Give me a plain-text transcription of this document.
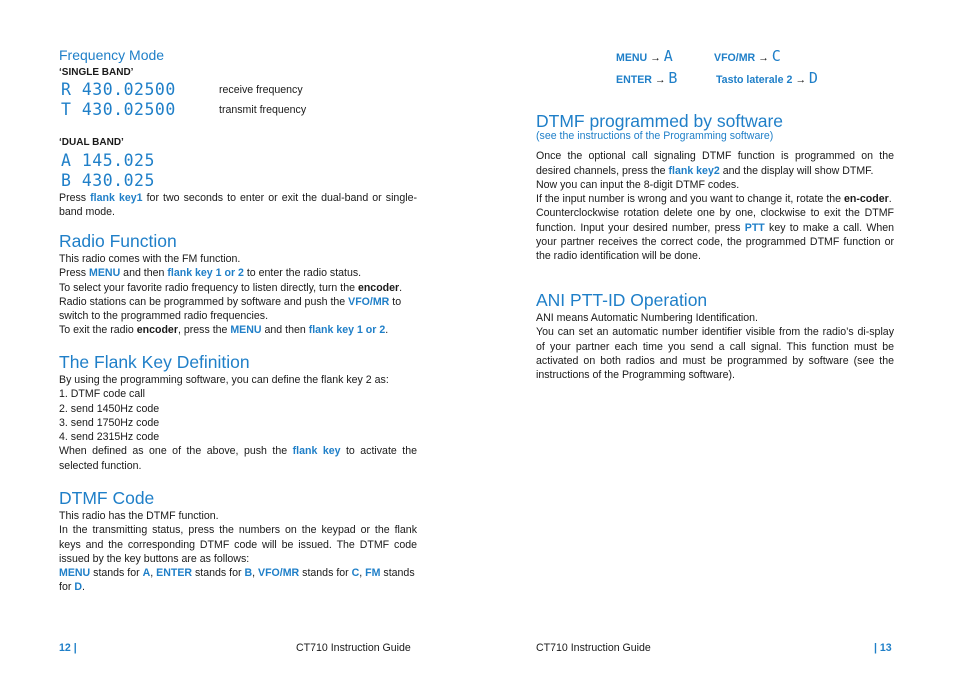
Frequency Mode
‘SINGLE BAND’
R 430.02500	receive frequency
T 430.02500	transmit frequency
‘DUAL BAND’
A 145.025
B 430.025

Press flank key1 for two seconds to enter or exit the dual-band or single-band mode.

Radio Function

This radio comes with the FM function.

Press MENU and then flank key 1 or 2 to enter the radio status.

To select your favorite radio frequency to listen directly, turn the encoder. Radio stations can be programmed by software and push the VFO/MR to switch to the programmed radio frequencies.

To exit the radio encoder, press the MENU and then flank key 1 or 2.

The Flank Key Definition

By using the programming software, you can define the flank key 2 as:

1. DTMF code call
2. send 1450Hz code
3. send 1750Hz code
4. send 2315Hz code

When defined as one of the above, push the flank key to activate the selected function.

DTMF Code

This radio has the DTMF function.

In the transmitting status, press the numbers on the keypad or the flank keys and the corresponding DTMF code will be issued. The DTMF code issued by the key buttons are as follows:

MENU stands for A, ENTER stands for B, VFO/MR stands for C, FM stands for D.

12 |	CT710 Instruction Guide
MENU → A	VFO/MR → C
ENTER → B	Tasto laterale 2 → D
DTMF programmed by software
(see the instructions of the Programming software)

Once the optional call signaling DTMF function is programmed on the desired channels, press the flank key2 and the display will show DTMF.

Now you can input the 8-digit DTMF codes.

If the input number is wrong and you want to change it, rotate the en-coder.

Counterclockwise rotation delete one by one, clockwise to exit the DTMF function. Input your desired number, press PTT key to make a call. When your partner receives the correct code, the programmed DTMF function or the radio identification will be done.

ANI PTT-ID Operation

ANI means Automatic Numbering Identification.

You can set an automatic number identifier visible from the radio’s di-splay of your partner each time you send a call signal. This function must be activated on both radios and must be programmed by software (see the instructions of the Programming software).

CT710 Instruction Guide	| 13
